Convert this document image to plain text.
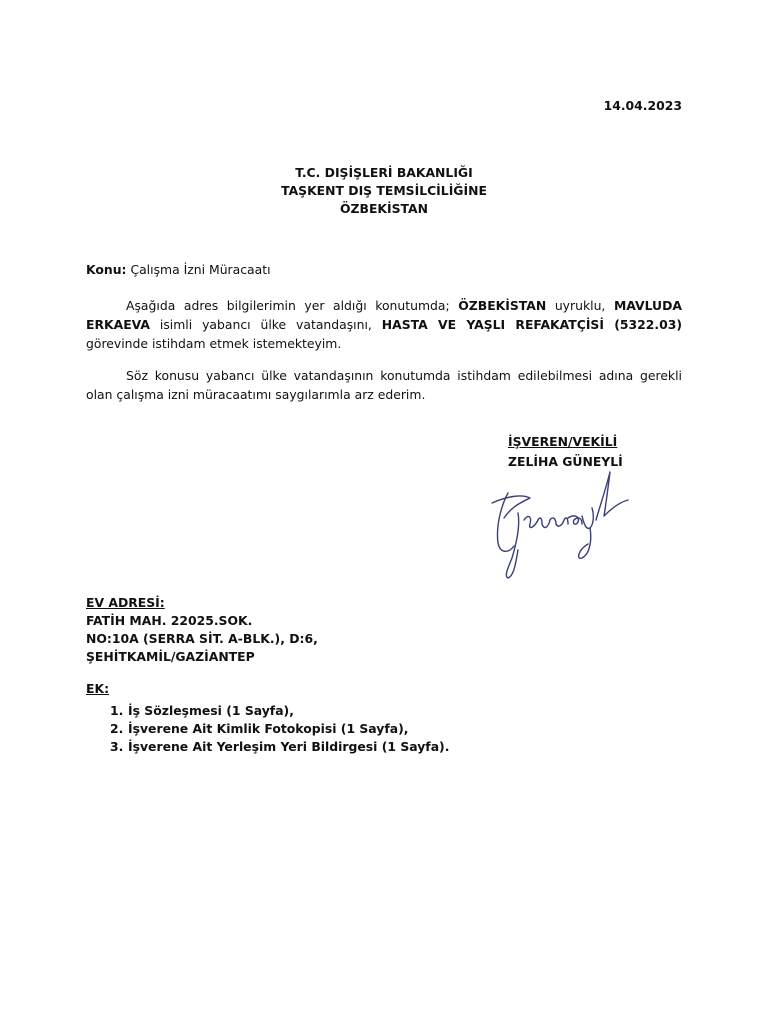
14.04.2023
T.C. DIŞİŞLERİ BAKANLIĞI
TAŞKENT DIŞ TEMSİLCİLİĞİNE
ÖZBEKİSTAN
Konu: Çalışma İzni Müracaatı
Aşağıda adres bilgilerimin yer aldığı konutumda; ÖZBEKİSTAN uyruklu, MAVLUDA ERKAEVA isimli yabancı ülke vatandaşını, HASTA VE YAŞLI REFAKATÇİSİ (5322.03) görevinde istihdam etmek istemekteyim.
Söz konusu yabancı ülke vatandaşının konutumda istihdam edilebilmesi adına gerekli olan çalışma izni müracaatımı saygılarımla arz ederim.
İŞVEREN/VEKİLİ
ZELİHA GÜNEYLİ
EV ADRESİ:
FATİH MAH. 22025.SOK.
NO:10A (SERRA SİT. A-BLK.), D:6,
ŞEHİTKAMİL/GAZİANTEP
EK:
1. İş Sözleşmesi (1 Sayfa),
2. İşverene Ait Kimlik Fotokopisi (1 Sayfa),
3. İşverene Ait Yerleşim Yeri Bildirgesi (1 Sayfa).
